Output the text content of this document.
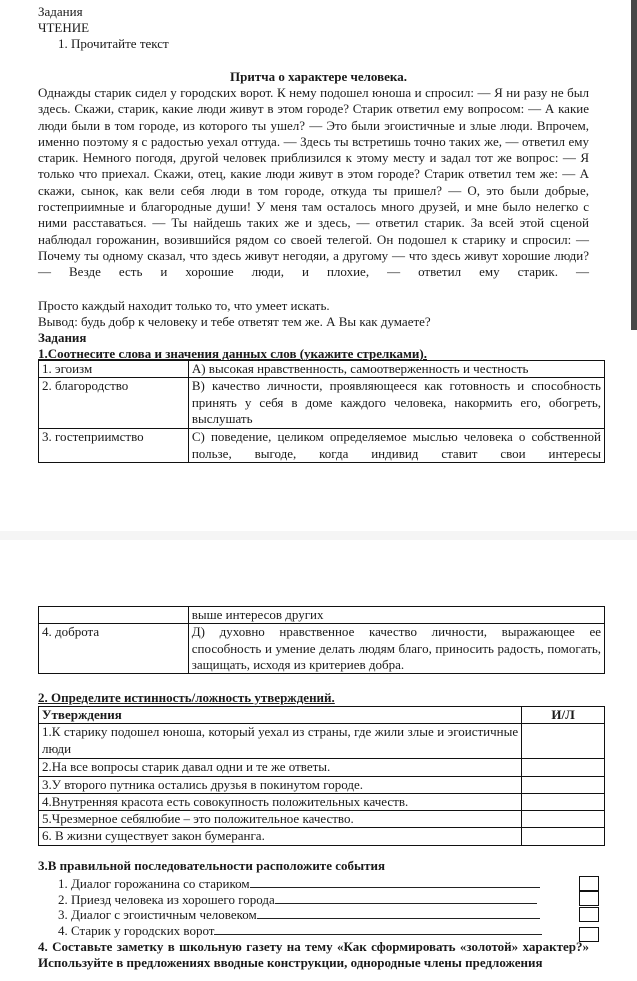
Задания
ЧТЕНИЕ
1. Прочитайте текст
Притча о характере человека.
Однажды старик сидел у городских ворот. К нему подошел юноша и спросил: — Я ни разу не был здесь. Скажи, старик, какие люди живут в этом городе? Старик ответил ему вопросом: — А какие люди были в том городе, из которого ты ушел? — Это были эгоистичные и злые люди. Впрочем, именно поэтому я с радостью уехал оттуда. — Здесь ты встретишь точно таких же, — ответил ему старик. Немного погодя, другой человек приблизился к этому месту и задал тот же вопрос: — Я только что приехал. Скажи, отец, какие люди живут в этом городе? Старик ответил тем же: — А скажи, сынок, как вели себя люди в том городе, откуда ты пришел? — О, это были добрые, гостеприимные и благородные души! У меня там осталось много друзей, и мне было нелегко с ними расставаться. — Ты найдешь таких же и здесь, — ответил старик. За всей этой сценой наблюдал горожанин, возившийся рядом со своей телегой. Он подошел к старику и спросил: — Почему ты одному сказал, что здесь живут негодяи, а другому — что здесь живут хорошие люди? — Везде есть и хорошие люди, и плохие, — ответил ему старик. —
Просто каждый находит только то, что умеет искать.
Вывод: будь добр к человеку и тебе ответят тем же. А Вы как думаете?
Задания
1.Соотнесите слова и значения данных слов (укажите стрелками).
1. эгоизм	А) высокая нравственность, самоотверженность и честность
2. благородство	В) качество личности, проявляющееся как готовность и способность принять у себя в доме каждого человека, накормить его, обогреть, выслушать
3. гостеприимство	С) поведение, целиком определяемое мыслью человека о собственной пользе, выгоде, когда индивид ставит свои интересы
	выше интересов других
4. доброта	Д) духовно нравственное качество личности, выражающее ее способность и умение делать людям благо, приносить радость, помогать, защищать, исходя из критериев добра.
2. Определите истинность/ложность утверждений.
Утверждения	И/Л
1.К старику подошел юноша, который уехал из страны, где жили злые и эгоистичные люди	
2.На все вопросы старик давал одни и те же ответы.	
3.У второго путника остались друзья в покинутом городе.	
4.Внутренняя красота есть совокупность положительных качеств.	
5.Чрезмерное себялюбие – это положительное качество.	
6. В жизни существует закон бумеранга.	
3.В правильной последовательности расположите события
1. Диалог горожанина со стариком
2. Приезд человека из хорошего города
3. Диалог с эгоистичным человеком
4. Старик у городских ворот
4. Составьте заметку в школьную газету на тему «Как сформировать «золотой» характер?» Используйте в предложениях вводные конструкции, однородные члены предложения
